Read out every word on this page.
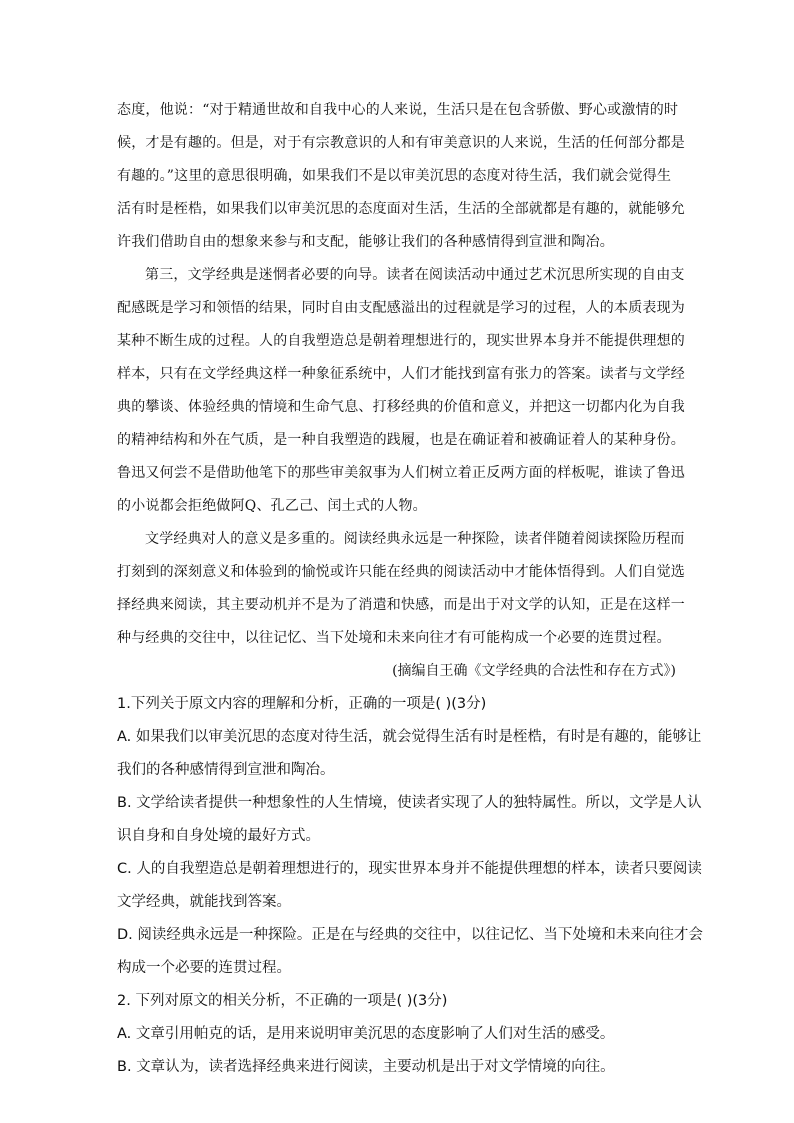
态度，他说：“对于精通世故和自我中心的人来说，生活只是在包含骄傲、野心或激情的时
候，才是有趣的。但是，对于有宗教意识的人和有审美意识的人来说，生活的任何部分都是
有趣的。”这里的意思很明确，如果我们不是以审美沉思的态度对待生活，我们就会觉得生
活有时是桎梏，如果我们以审美沉思的态度面对生活，生活的全部就都是有趣的，就能够允
许我们借助自由的想象来参与和支配，能够让我们的各种感情得到宣泄和陶冶。
第三，文学经典是迷惘者必要的向导。读者在阅读活动中通过艺术沉思所实现的自由支
配感既是学习和领悟的结果，同时自由支配感溢出的过程就是学习的过程，人的本质表现为
某种不断生成的过程。人的自我塑造总是朝着理想进行的，现实世界本身并不能提供理想的
样本，只有在文学经典这样一种象征系统中，人们才能找到富有张力的答案。读者与文学经
典的攀谈、体验经典的情境和生命气息、打移经典的价值和意义，并把这一切都内化为自我
的精神结构和外在气质，是一种自我塑造的践履，也是在确证着和被确证着人的某种身份。
鲁迅又何尝不是借助他笔下的那些审美叙事为人们树立着正反两方面的样板呢，谁读了鲁迅
的小说都会拒绝做阿Q、孔乙己、闰土式的人物。
文学经典对人的意义是多重的。阅读经典永远是一种探险，读者伴随着阅读探险历程而
打刻到的深刻意义和体验到的愉悦或许只能在经典的阅读活动中才能体悟得到。人们自觉选
择经典来阅读，其主要动机并不是为了消遣和快感，而是出于对文学的认知，正是在这样一
种与经典的交往中，以往记忆、当下处境和未来向往才有可能构成一个必要的连贯过程。
(摘编自王确《文学经典的合法性和存在方式》)
1.下列关于原文内容的理解和分析，正确的一项是( )(3分)
A. 如果我们以审美沉思的态度对待生活，就会觉得生活有时是桎梏，有时是有趣的，能够让
我们的各种感情得到宣泄和陶冶。
B. 文学给读者提供一种想象性的人生情境，使读者实现了人的独特属性。所以，文学是人认
识自身和自身处境的最好方式。
C. 人的自我塑造总是朝着理想进行的，现实世界本身并不能提供理想的样本，读者只要阅读
文学经典，就能找到答案。
D. 阅读经典永远是一种探险。正是在与经典的交往中，以往记忆、当下处境和未来向往才会
构成一个必要的连贯过程。
2. 下列对原文的相关分析，不正确的一项是( )(3分)
A. 文章引用帕克的话，是用来说明审美沉思的态度影响了人们对生活的感受。
B. 文章认为，读者选择经典来进行阅读，主要动机是出于对文学情境的向往。
